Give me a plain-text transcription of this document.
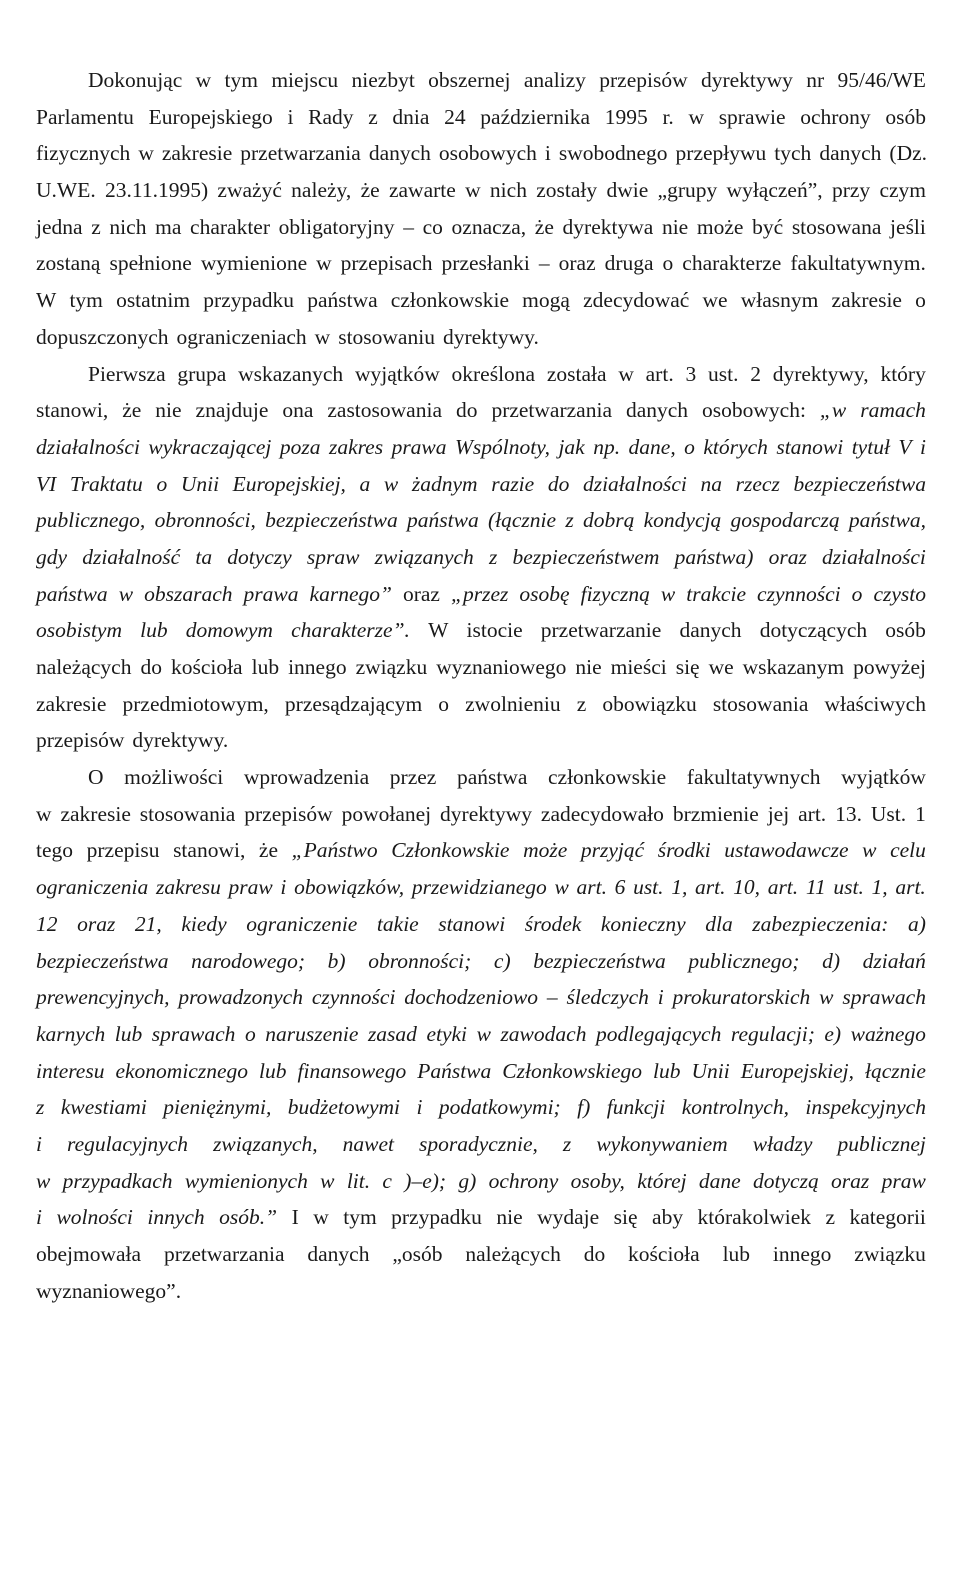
Dokonując w tym miejscu niezbyt obszernej analizy przepisów dyrektywy nr 95/46/WE
Parlamentu Europejskiego i Rady z dnia 24 października 1995 r. w sprawie ochrony osób
fizycznych w zakresie przetwarzania danych osobowych i swobodnego przepływu tych danych (Dz.
U.WE. 23.11.1995) zważyć należy, że zawarte w nich zostały dwie „grupy wyłączeń”, przy czym
jedna z nich ma charakter obligatoryjny – co oznacza, że dyrektywa nie może być stosowana jeśli
zostaną spełnione wymienione w przepisach przesłanki – oraz druga o charakterze fakultatywnym.
W tym ostatnim przypadku państwa członkowskie mogą zdecydować we własnym zakresie o
dopuszczonych ograniczeniach w stosowaniu dyrektywy.
Pierwsza grupa wskazanych wyjątków określona została w art. 3 ust. 2 dyrektywy, który
stanowi, że nie znajduje ona zastosowania do przetwarzania danych osobowych: „w ramach
działalności wykraczającej poza zakres prawa Wspólnoty, jak np. dane, o których stanowi tytuł V i
VI Traktatu o Unii Europejskiej, a w żadnym razie do działalności na rzecz bezpieczeństwa
publicznego, obronności, bezpieczeństwa państwa (łącznie z dobrą kondycją gospodarczą państwa,
gdy działalność ta dotyczy spraw związanych z bezpieczeństwem państwa) oraz działalności
państwa w obszarach prawa karnego” oraz „przez osobę fizyczną w trakcie czynności o czysto
osobistym lub domowym charakterze”. W istocie przetwarzanie danych dotyczących osób
należących do kościoła lub innego związku wyznaniowego nie mieści się we wskazanym powyżej
zakresie przedmiotowym, przesądzającym o zwolnieniu z obowiązku stosowania właściwych
przepisów dyrektywy.
O możliwości wprowadzenia przez państwa członkowskie fakultatywnych wyjątków
w zakresie stosowania przepisów powołanej dyrektywy zadecydowało brzmienie jej art. 13. Ust. 1
tego przepisu stanowi, że „Państwo Członkowskie może przyjąć środki ustawodawcze w celu
ograniczenia zakresu praw i obowiązków, przewidzianego w art. 6 ust. 1, art. 10, art. 11 ust. 1, art.
12 oraz 21, kiedy ograniczenie takie stanowi środek konieczny dla zabezpieczenia: a)
bezpieczeństwa narodowego; b) obronności; c) bezpieczeństwa publicznego; d) działań
prewencyjnych, prowadzonych czynności dochodzeniowo – śledczych i prokuratorskich w sprawach
karnych lub sprawach o naruszenie zasad etyki w zawodach podlegających regulacji; e) ważnego
interesu ekonomicznego lub finansowego Państwa Członkowskiego lub Unii Europejskiej, łącznie
z kwestiami pieniężnymi, budżetowymi i podatkowymi; f) funkcji kontrolnych, inspekcyjnych
i regulacyjnych związanych, nawet sporadycznie, z wykonywaniem władzy publicznej
w przypadkach wymienionych w lit. c )–e); g) ochrony osoby, której dane dotyczą oraz praw
i wolności innych osób.” I w tym przypadku nie wydaje się aby którakolwiek z kategorii
obejmowała przetwarzania danych „osób należących do kościoła lub innego związku
wyznaniowego”.
